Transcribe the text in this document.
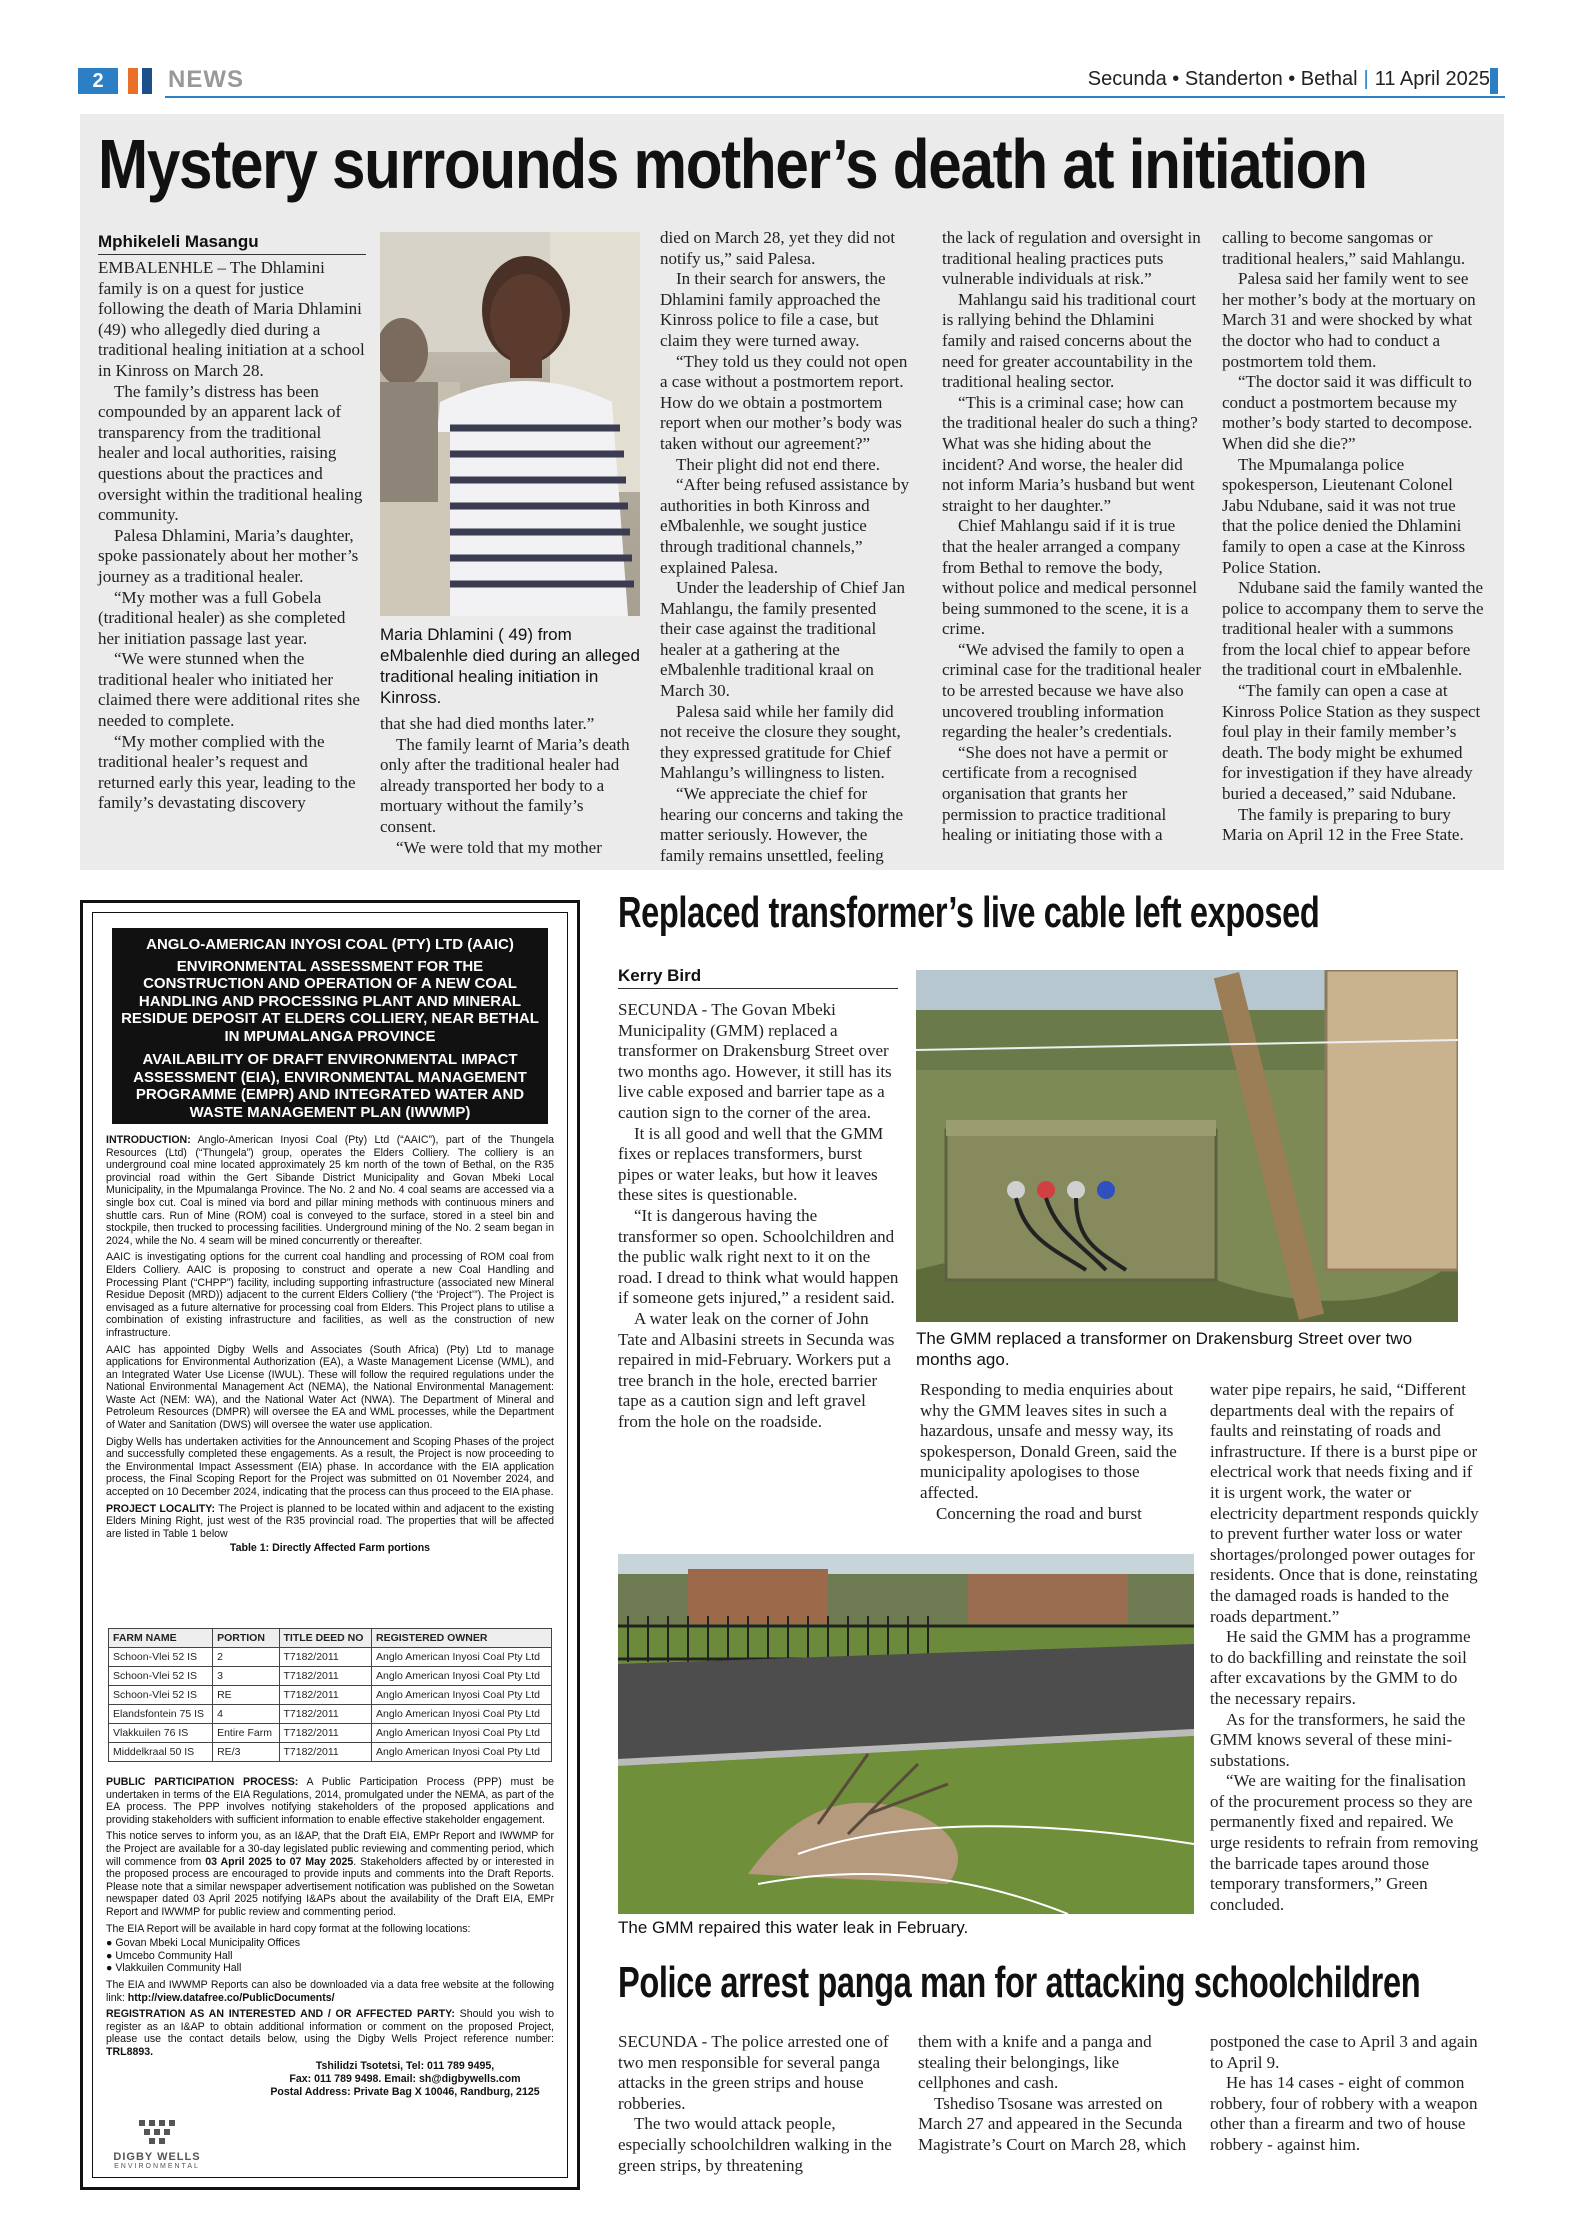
2	NEWS	Secunda • Standerton • Bethal | 11 April 2025
Mystery surrounds mother’s death at initiation
Mphikeleli Masangu

EMBALENHLE – The Dhlamini family is on a quest for justice following the death of Maria Dhlamini (49) who allegedly died during a traditional healing initiation at a school in Kinross on March 28.

The family’s distress has been compounded by an apparent lack of transparency from the traditional healer and local authorities, raising questions about the practices and oversight within the traditional healing community.

Palesa Dhlamini, Maria’s daughter, spoke passionately about her mother’s journey as a traditional healer.

“My mother was a full Gobela (traditional healer) as she completed her initiation passage last year.

“We were stunned when the traditional healer who initiated her claimed there were additional rites she needed to complete.

“My mother complied with the traditional healer’s request and returned early this year, leading to the family’s devastating discovery

Maria Dhlamini ( 49) from eMbalenhle died during an alleged traditional healing initiation in Kinross.

that she had died months later.”

The family learnt of Maria’s death only after the traditional healer had already transported her body to a mortuary without the family’s consent.

“We were told that my mother

died on March 28, yet they did not notify us,” said Palesa.

In their search for answers, the Dhlamini family approached the Kinross police to file a case, but claim they were turned away.

“They told us they could not open a case without a postmortem report. How do we obtain a postmortem report when our mother’s body was taken without our agreement?”

Their plight did not end there.

“After being refused assistance by authorities in both Kinross and eMbalenhle, we sought justice through traditional channels,” explained Palesa.

Under the leadership of Chief Jan Mahlangu, the family presented their case against the traditional healer at a gathering at the eMbalenhle traditional kraal on March 30.

Palesa said while her family did not receive the closure they sought, they expressed gratitude for Chief Mahlangu’s willingness to listen.

“We appreciate the chief for hearing our concerns and taking the matter seriously. However, the family remains unsettled, feeling

the lack of regulation and oversight in traditional healing practices puts vulnerable individuals at risk.”

Mahlangu said his traditional court is rallying behind the Dhlamini family and raised concerns about the need for greater accountability in the traditional healing sector.

“This is a criminal case; how can the traditional healer do such a thing? What was she hiding about the incident? And worse, the healer did not inform Maria’s husband but went straight to her daughter.”

Chief Mahlangu said if it is true that the healer arranged a company from Bethal to remove the body, without police and medical personnel being summoned to the scene, it is a crime.

“We advised the family to open a criminal case for the traditional healer to be arrested because we have also uncovered troubling information regarding the healer’s credentials.

“She does not have a permit or certificate from a recognised organisation that grants her permission to practice traditional healing or initiating those with a

calling to become sangomas or traditional healers,” said Mahlangu.

Palesa said her family went to see her mother’s body at the mortuary on March 31 and were shocked by what the doctor who had to conduct a postmortem told them.

“The doctor said it was difficult to conduct a postmortem because my mother’s body started to decompose. When did she die?”

The Mpumalanga police spokesperson, Lieutenant Colonel Jabu Ndubane, said it was not true that the police denied the Dhlamini family to open a case at the Kinross Police Station.

Ndubane said the family wanted the police to accompany them to serve the traditional healer with a summons from the local chief to appear before the traditional court in eMbalenhle.

“The family can open a case at Kinross Police Station as they suspect foul play in their family member’s death. The body might be exhumed for investigation if they have already buried a deceased,” said Ndubane.

The family is preparing to bury Maria on April 12 in the Free State.

ANGLO-AMERICAN INYOSI COAL (PTY) LTD (AAIC)
ENVIRONMENTAL ASSESSMENT FOR THE CONSTRUCTION AND OPERATION OF A NEW COAL HANDLING AND PROCESSING PLANT AND MINERAL RESIDUE DEPOSIT AT ELDERS COLLIERY, NEAR BETHAL IN MPUMALANGA PROVINCE
AVAILABILITY OF DRAFT ENVIRONMENTAL IMPACT ASSESSMENT (EIA), ENVIRONMENTAL MANAGEMENT PROGRAMME (EMPR) AND INTEGRATED WATER AND WASTE MANAGEMENT PLAN (IWWMP)

INTRODUCTION: Anglo-American Inyosi Coal (Pty) Ltd (“AAIC”), part of the Thungela Resources (Ltd) (“Thungela”) group, operates the Elders Colliery. The colliery is an underground coal mine located approximately 25 km north of the town of Bethal, on the R35 provincial road within the Gert Sibande District Municipality and Govan Mbeki Local Municipality, in the Mpumalanga Province. The No. 2 and No. 4 coal seams are accessed via a single box cut. Coal is mined via bord and pillar mining methods with continuous miners and shuttle cars. Run of Mine (ROM) coal is conveyed to the surface, stored in a steel bin and stockpile, then trucked to processing facilities. Underground mining of the No. 2 seam began in 2024, while the No. 4 seam will be mined concurrently or thereafter.

AAIC is investigating options for the current coal handling and processing of ROM coal from Elders Colliery. AAIC is proposing to construct and operate a new Coal Handling and Processing Plant (“CHPP”) facility, including supporting infrastructure (associated new Mineral Residue Deposit (MRD)) adjacent to the current Elders Colliery (“the ‘Project’”). The Project is envisaged as a future alternative for processing coal from Elders. This Project plans to utilise a combination of existing infrastructure and facilities, as well as the construction of new infrastructure.

AAIC has appointed Digby Wells and Associates (South Africa) (Pty) Ltd to manage applications for Environmental Authorization (EA), a Waste Management License (WML), and an Integrated Water Use License (IWUL). These will follow the required regulations under the National Environmental Management Act (NEMA), the National Environmental Management: Waste Act (NEM: WA), and the National Water Act (NWA). The Department of Mineral and Petroleum Resources (DMPR) will oversee the EA and WML processes, while the Department of Water and Sanitation (DWS) will oversee the water use application.

Digby Wells has undertaken activities for the Announcement and Scoping Phases of the project and successfully completed these engagements. As a result, the Project is now proceeding to the Environmental Impact Assessment (EIA) phase. In accordance with the EIA application process, the Final Scoping Report for the Project was submitted on 01 November 2024, and accepted on 10 December 2024, indicating that the process can thus proceed to the EIA phase.

PROJECT LOCALITY: The Project is planned to be located within and adjacent to the existing Elders Mining Right, just west of the R35 provincial road. The properties that will be affected are listed in Table 1 below

Table 1: Directly Affected Farm portions

FARM NAME	PORTION	TITLE DEED NO	REGISTERED OWNER
Schoon-Vlei 52 IS	2	T7182/2011	Anglo American Inyosi Coal Pty Ltd
Schoon-Vlei 52 IS	3	T7182/2011	Anglo American Inyosi Coal Pty Ltd
Schoon-Vlei 52 IS	RE	T7182/2011	Anglo American Inyosi Coal Pty Ltd
Elandsfontein 75 IS	4	T7182/2011	Anglo American Inyosi Coal Pty Ltd
Vlakkuilen 76 IS	Entire Farm	T7182/2011	Anglo American Inyosi Coal Pty Ltd
Middelkraal 50 IS	RE/3	T7182/2011	Anglo American Inyosi Coal Pty Ltd

PUBLIC PARTICIPATION PROCESS: A Public Participation Process (PPP) must be undertaken in terms of the EIA Regulations, 2014, promulgated under the NEMA, as part of the EA process. The PPP involves notifying stakeholders of the proposed applications and providing stakeholders with sufficient information to enable effective stakeholder engagement.

This notice serves to inform you, as an I&AP, that the Draft EIA, EMPr Report and IWWMP for the Project are available for a 30-day legislated public reviewing and commenting period, which will commence from 03 April 2025 to 07 May 2025. Stakeholders affected by or interested in the proposed process are encouraged to provide inputs and comments into the Draft Reports. Please note that a similar newspaper advertisement notification was published on the Sowetan newspaper dated 03 April 2025 notifying I&APs about the availability of the Draft EIA, EMPr Report and IWWMP for public review and commenting period.

The EIA Report will be available in hard copy format at the following locations:

● Govan Mbeki Local Municipality Offices
● Umcebo Community Hall
● Vlakkuilen Community Hall

The EIA and IWWMP Reports can also be downloaded via a data free website at the following link: http://view.datafree.co/PublicDocuments/

REGISTRATION AS AN INTERESTED AND / OR AFFECTED PARTY: Should you wish to register as an I&AP to obtain additional information or comment on the proposed Project, please use the contact details below, using the Digby Wells Project reference number: TRL8893.

Tshilidzi Tsotetsi, Tel: 011 789 9495,
Fax: 011 789 9498. Email: sh@digbywells.com
Postal Address: Private Bag X 10046, Randburg, 2125
DIGBY WELLS
ENVIRONMENTAL
Replaced transformer’s live cable left exposed
Kerry Bird

SECUNDA - The Govan Mbeki Municipality (GMM) replaced a transformer on Drakensburg Street over two months ago. However, it still has its live cable exposed and barrier tape as a caution sign to the corner of the area.

It is all good and well that the GMM fixes or replaces transformers, burst pipes or water leaks, but how it leaves these sites is questionable.

“It is dangerous having the transformer so open. Schoolchildren and the public walk right next to it on the road. I dread to think what would happen if someone gets injured,” a resident said.

A water leak on the corner of John Tate and Albasini streets in Secunda was repaired in mid-February. Workers put a tree branch in the hole, erected barrier tape as a caution sign and left gravel from the hole on the roadside.

The GMM replaced a transformer on Drakensburg Street over two months ago.

Responding to media enquiries about why the GMM leaves sites in such a hazardous, unsafe and messy way, its spokesperson, Donald Green, said the municipality apologises to those affected.

Concerning the road and burst

water pipe repairs, he said, “Different departments deal with the repairs of faults and reinstating of roads and infrastructure. If there is a burst pipe or electrical work that needs fixing and if it is urgent work, the water or electricity department responds quickly to prevent further water loss or water shortages/prolonged power outages for residents. Once that is done, reinstating the damaged roads is handed to the roads department.”

He said the GMM has a programme to do backfilling and reinstate the soil after excavations by the GMM to do the necessary repairs.

As for the transformers, he said the GMM knows several of these mini-substations.

“We are waiting for the finalisation of the procurement process so they are permanently fixed and repaired. We urge residents to refrain from removing the barricade tapes around those temporary transformers,” Green concluded.

The GMM repaired this water leak in February.
Police arrest panga man for attacking schoolchildren

SECUNDA - The police arrested one of two men responsible for several panga attacks in the green strips and house robberies.

The two would attack people, especially schoolchildren walking in the green strips, by threatening

them with a knife and a panga and stealing their belongings, like cellphones and cash.

Tshediso Tsosane was arrested on March 27 and appeared in the Secunda Magistrate’s Court on March 28, which

postponed the case to April 3 and again to April 9.

He has 14 cases - eight of common robbery, four of robbery with a weapon other than a firearm and two of house robbery - against him.
